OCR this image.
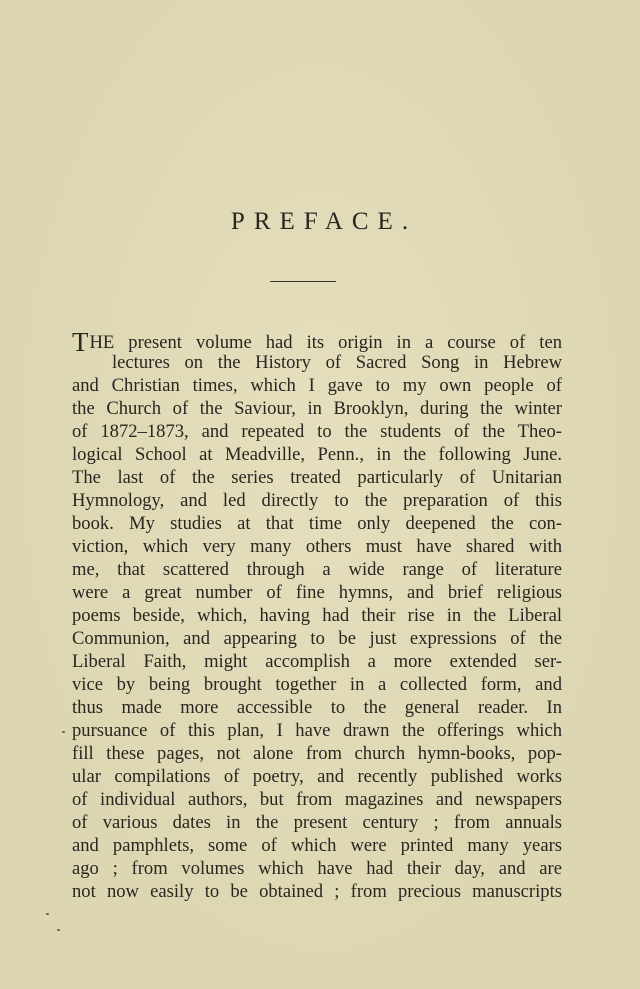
PREFACE.
THE present volume had its origin in a course of ten
lectures on the History of Sacred Song in Hebrew
and Christian times, which I gave to my own people of
the Church of the Saviour, in Brooklyn, during the winter
of 1872–1873, and repeated to the students of the Theo-
logical School at Meadville, Penn., in the following June.
The last of the series treated particularly of Unitarian
Hymnology, and led directly to the preparation of this
book. My studies at that time only deepened the con-
viction, which very many others must have shared with
me, that scattered through a wide range of literature
were a great number of fine hymns, and brief religious
poems beside, which, having had their rise in the Liberal
Communion, and appearing to be just expressions of the
Liberal Faith, might accomplish a more extended ser-
vice by being brought together in a collected form, and
thus made more accessible to the general reader. In
pursuance of this plan, I have drawn the offerings which
fill these pages, not alone from church hymn-books, pop-
ular compilations of poetry, and recently published works
of individual authors, but from magazines and newspapers
of various dates in the present century ; from annuals
and pamphlets, some of which were printed many years
ago ; from volumes which have had their day, and are
not now easily to be obtained ; from precious manuscripts
